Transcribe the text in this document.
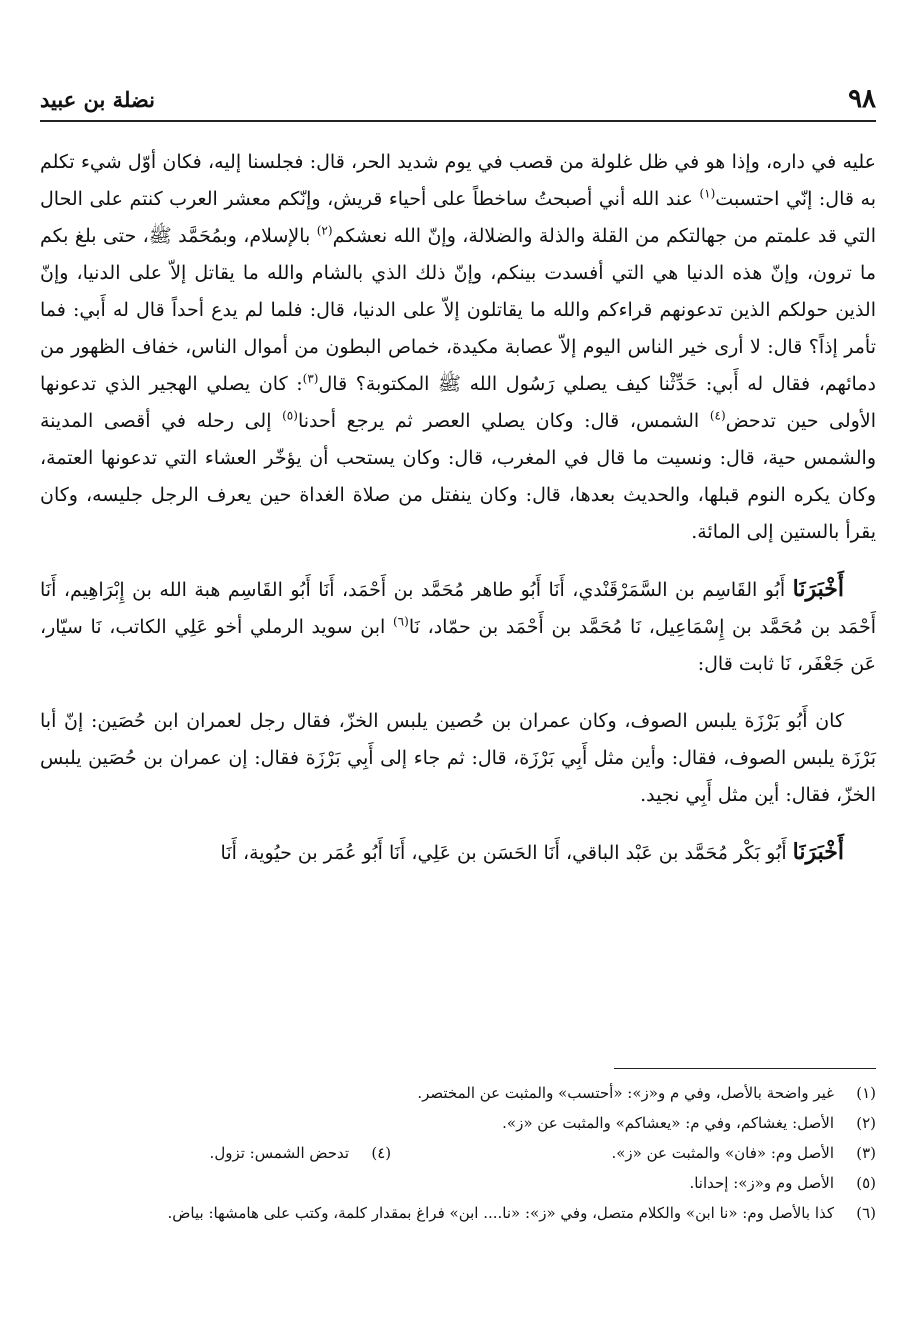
٩٨
نضلة بن عبيد

عليه في داره، وإذا هو في ظل غلولة من قصب في يوم شديد الحر، قال: فجلسنا إليه، فكان أوّل شيء تكلم به قال: إنّي احتسبت$^{(١)}$ عند الله أني أصبحتُ ساخطاً على أحياء قريش، وإنّكم معشر العرب كنتم على الحال التي قد علمتم من جهالتكم من القلة والذلة والضلالة، وإنّ الله نعشكم$^{(٢)}$ بالإسلام، وبمُحَمَّد ﷺ، حتى بلغ بكم ما ترون، وإنّ هذه الدنيا هي التي أفسدت بينكم، وإنّ ذلك الذي بالشام والله ما يقاتل إلاّ على الدنيا، وإنّ الذين حولكم الذين تدعونهم قراءكم والله ما يقاتلون إلاّ على الدنيا، قال: فلما لم يدع أحداً قال له أَبي: فما تأمر إذاً؟ قال: لا أرى خير الناس اليوم إلاّ عصابة مكيدة، خماص البطون من أموال الناس، خفاف الظهور من دمائهم، فقال له أَبي: حَدِّثْنا كيف يصلي رَسُول الله ﷺ المكتوبة؟ قال$^{(٣)}$: كان يصلي الهجير الذي تدعونها الأولى حين تدحض$^{(٤)}$ الشمس، قال: وكان يصلي العصر ثم يرجع أحدنا$^{(٥)}$ إلى رحله في أقصى المدينة والشمس حية، قال: ونسيت ما قال في المغرب، قال: وكان يستحب أن يؤخّر العشاء التي تدعونها العتمة، وكان يكره النوم قبلها، والحديث بعدها، قال: وكان ينفتل من صلاة الغداة حين يعرف الرجل جليسه، وكان يقرأ بالستين إلى المائة.

أَخْبَرَنَا أَبُو القَاسِم بن السَّمَرْقَنْدي، أَنَا أَبُو طاهر مُحَمَّد بن أَحْمَد، أَنَا أَبُو القَاسِم هبة الله بن إِبْرَاهِيم، أَنَا أَحْمَد بن مُحَمَّد بن إِسْمَاعِيل، نَا مُحَمَّد بن أَحْمَد بن حمّاد، نَا$^{(٦)}$ ابن سويد الرملي أخو عَلِي الكاتب، نَا سيّار، عَن جَعْفَر، نَا ثابت قال:

كان أَبُو بَرْزَة يلبس الصوف، وكان عمران بن حُصين يلبس الخزّ، فقال رجل لعمران ابن حُصَين: إنّ أبا بَرْزَة يلبس الصوف، فقال: وأين مثل أَبِي بَرْزَة، قال: ثم جاء إلى أَبِي بَرْزَة فقال: إن عمران بن حُصَين يلبس الخزّ، فقال: أين مثل أَبِي نجيد.

أَخْبَرَنَا أَبُو بَكْر مُحَمَّد بن عَبْد الباقي، أَنَا الحَسَن بن عَلِي، أَنَا أَبُو عُمَر بن حيُوية، أَنَا

(١)
غير واضحة بالأصل، وفي م و«ز»: «أحتسب» والمثبت عن المختصر.
(٢)
الأصل: يغشاكم، وفي م: «يعشاكم» والمثبت عن «ز».
(٣)
الأصل وم: «فان» والمثبت عن «ز».
(٤)
تدحض الشمس: تزول.
(٥)
الأصل وم و«ز»: إحدانا.
(٦)
كذا بالأصل وم: «نا ابن» والكلام متصل، وفي «ز»: «نا.... ابن» فراغ بمقدار كلمة، وكتب على هامشها: بياض.
